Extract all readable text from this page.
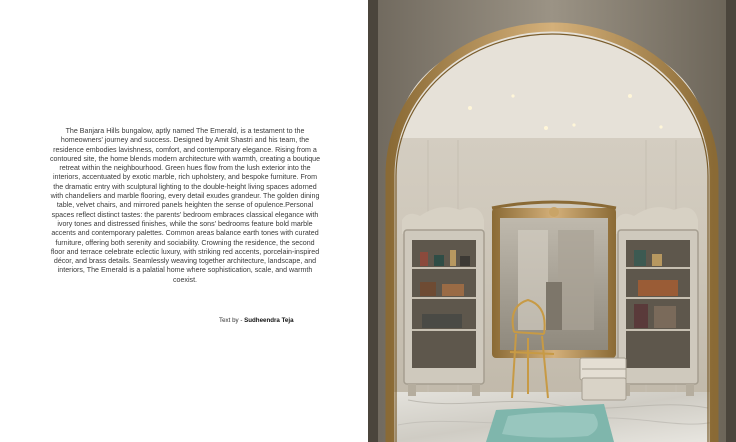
The Banjara Hills bungalow, aptly named The Emerald, is a testament to the homeowners' journey and success. Designed by Amit Shastri and his team, the residence embodies lavishness, comfort, and contemporary elegance. Rising from a contoured site, the home blends modern architecture with warmth, creating a boutique retreat within the neighbourhood. Green hues flow from the lush exterior into the interiors, accentuated by exotic marble, rich upholstery, and bespoke furniture. From the dramatic entry with sculptural lighting to the double-height living spaces adorned with chandeliers and marble flooring, every detail exudes grandeur. The golden dining table, velvet chairs, and mirrored panels heighten the sense of opulence.Personal spaces reflect distinct tastes: the parents' bedroom embraces classical elegance with ivory tones and distressed finishes, while the sons' bedrooms feature bold marble accents and contemporary palettes. Common areas balance earth tones with curated furniture, offering both serenity and sociability. Crowning the residence, the second floor and terrace celebrate eclectic luxury, with striking red accents, porcelain-inspired décor, and brass details. Seamlessly weaving together architecture, landscape, and interiors, The Emerald is a palatial home where sophistication, scale, and warmth coexist.

Text by - Sudheendra Teja
